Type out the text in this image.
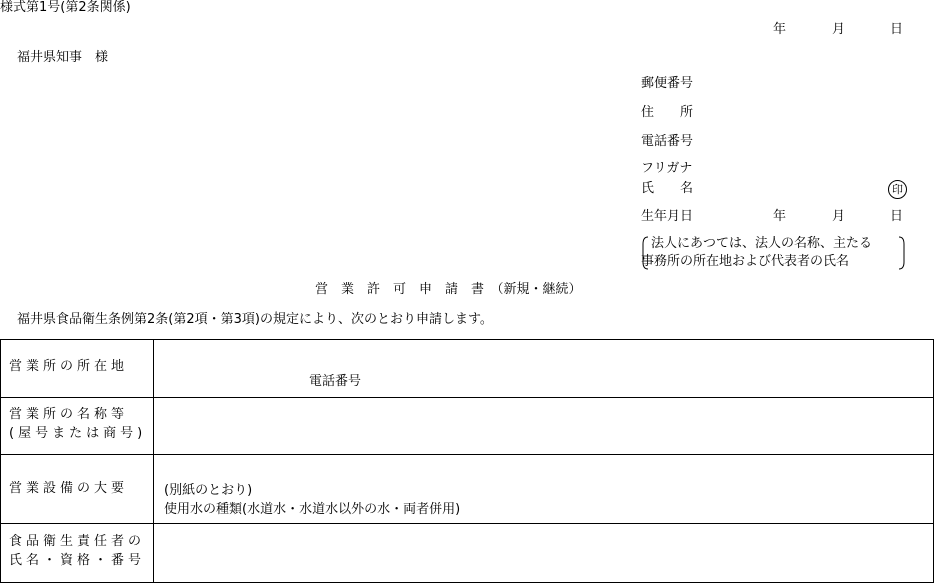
様式第1号(第2条関係)
年	月	日
福井県知事　様
郵便番号
住　　所
電話番号
フリガナ
氏　　名	印
生年月日	年	月	日
法人にあつては、法人の名称、主たる
事務所の所在地および代表者の氏名
営　業　許　可　申　請　書　（新規・継続）
福井県食品衛生条例第2条(第2項・第3項)の規定により、次のとおり申請します。
営業所の所在地	電話番号

営業所の名称等
(屋号または商号)	

営業設備の大要	(別紙のとおり)
使用水の種類(水道水・水道水以外の水・両者併用)

食品衛生責任者の
氏名・資格・番号	
